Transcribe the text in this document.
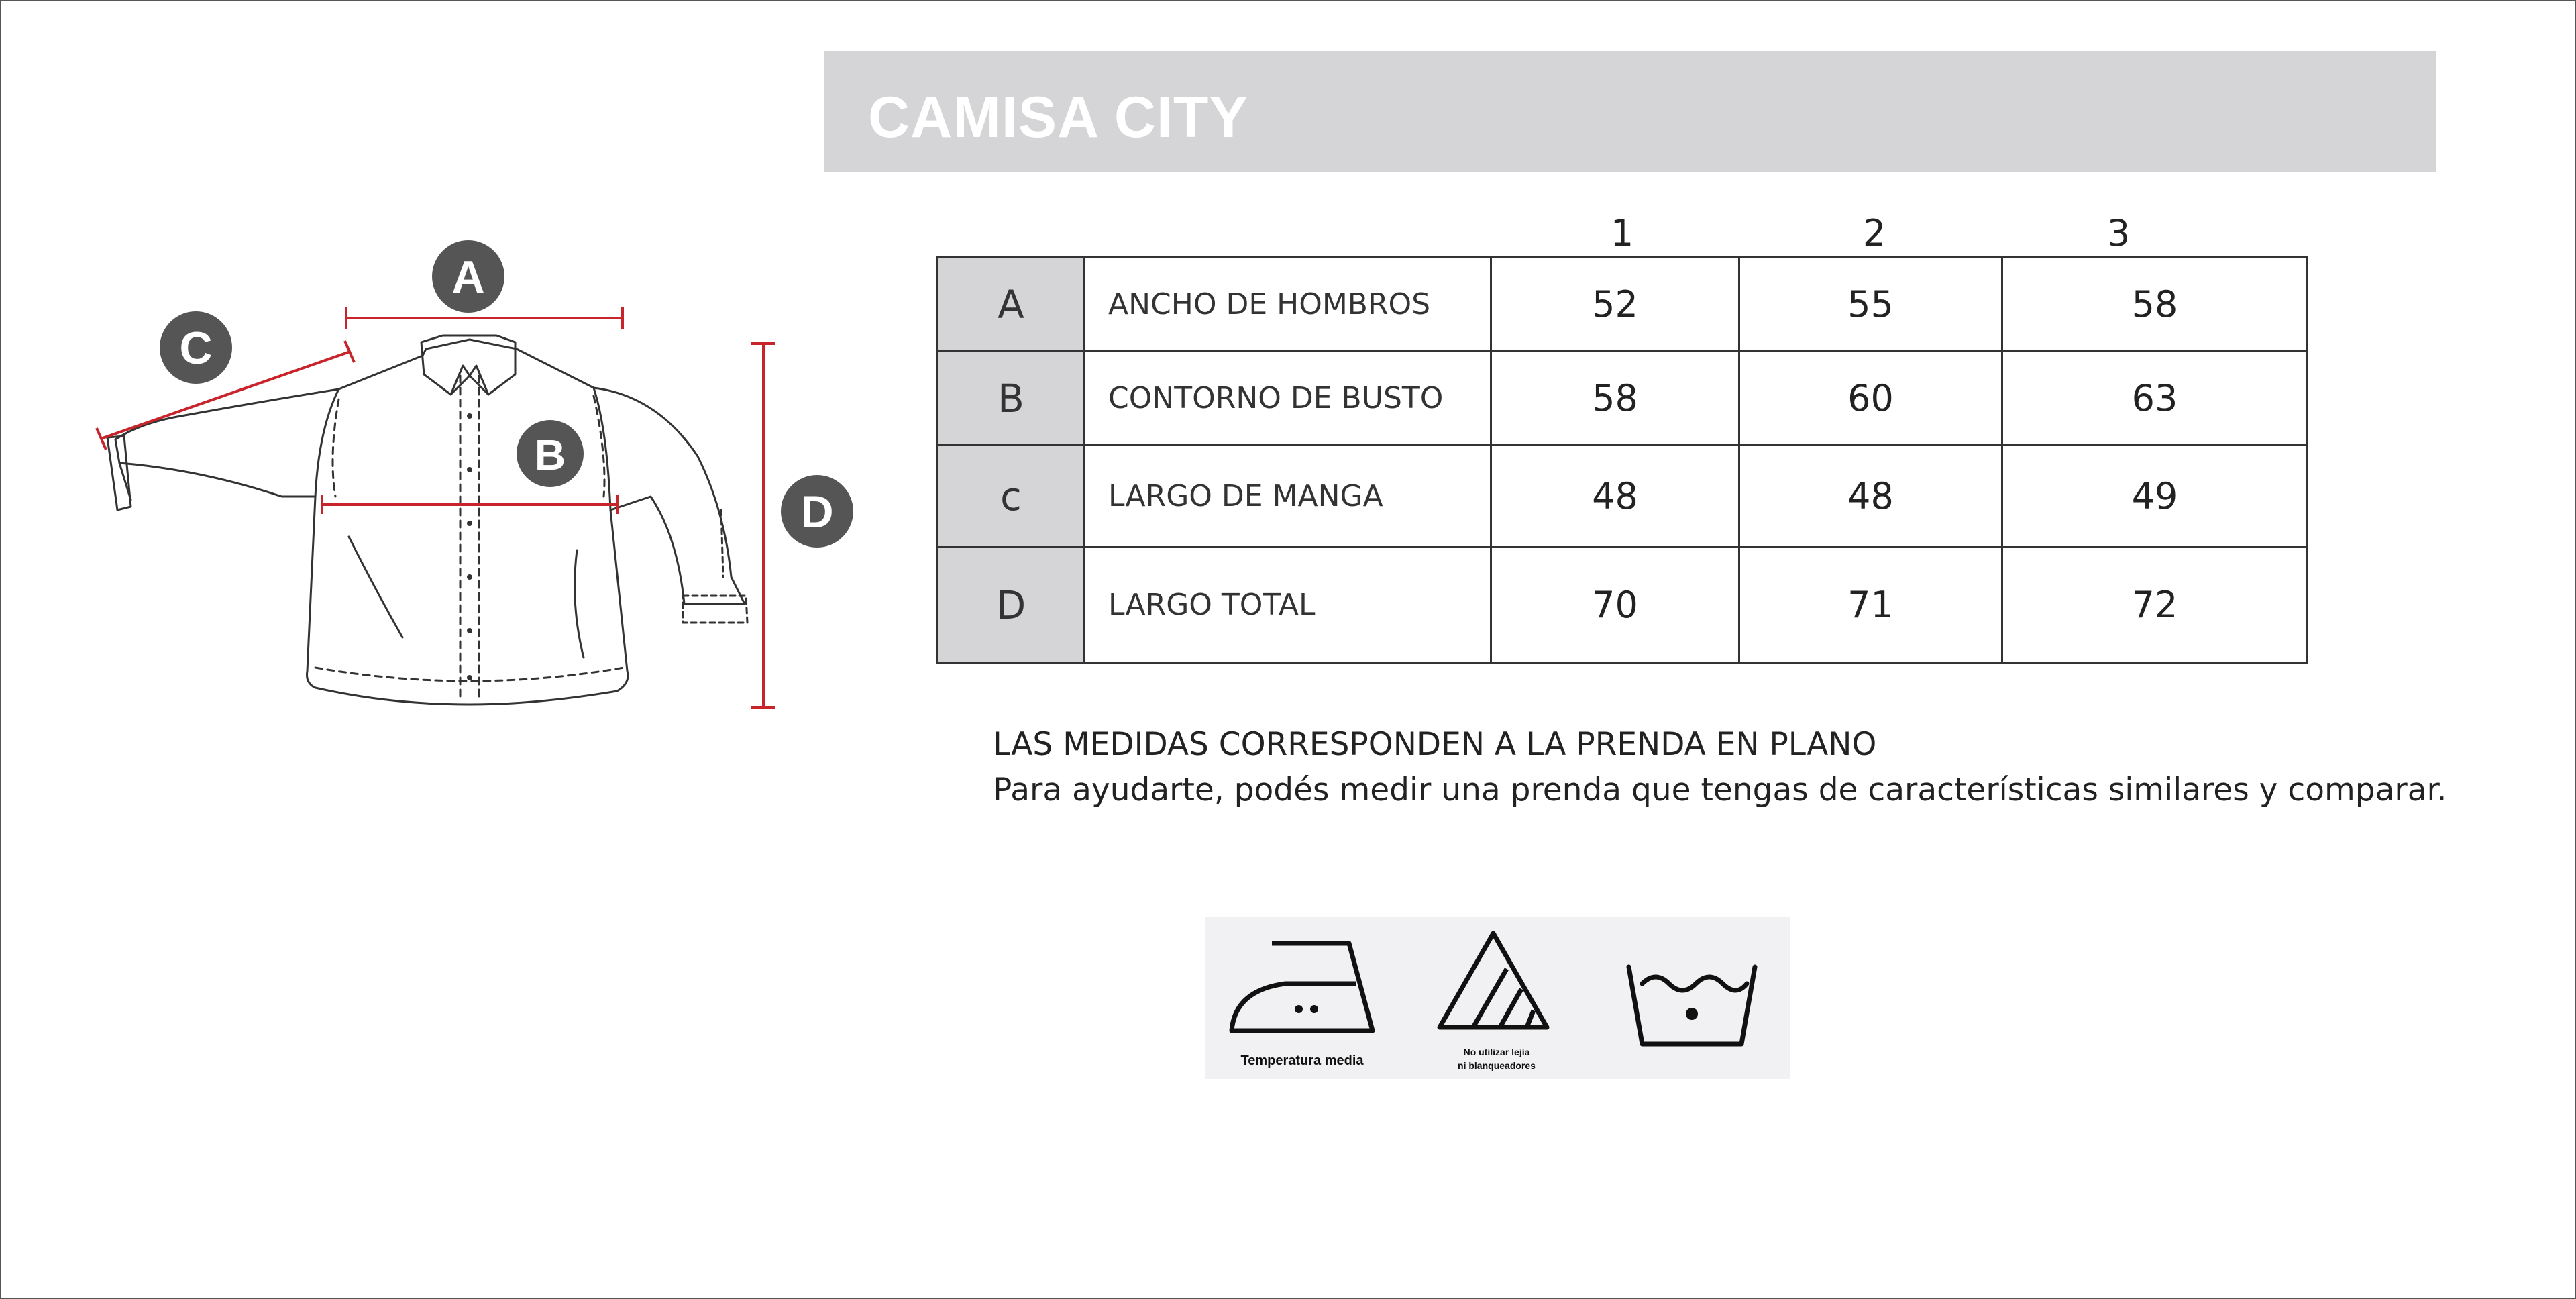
CAMISA CITY
A
B
C
D
1	2	3
A	ANCHO DE HOMBROS	52	55	58
B	CONTORNO DE BUSTO	58	60	63
c	LARGO DE MANGA	48	48	49
D	LARGO TOTAL	70	71	72
LAS MEDIDAS CORRESPONDEN A LA PRENDA EN PLANO
Para ayudarte, podés medir una prenda que tengas de características similares y comparar.
Temperatura media
No utilizar lejía
ni blanqueadores
